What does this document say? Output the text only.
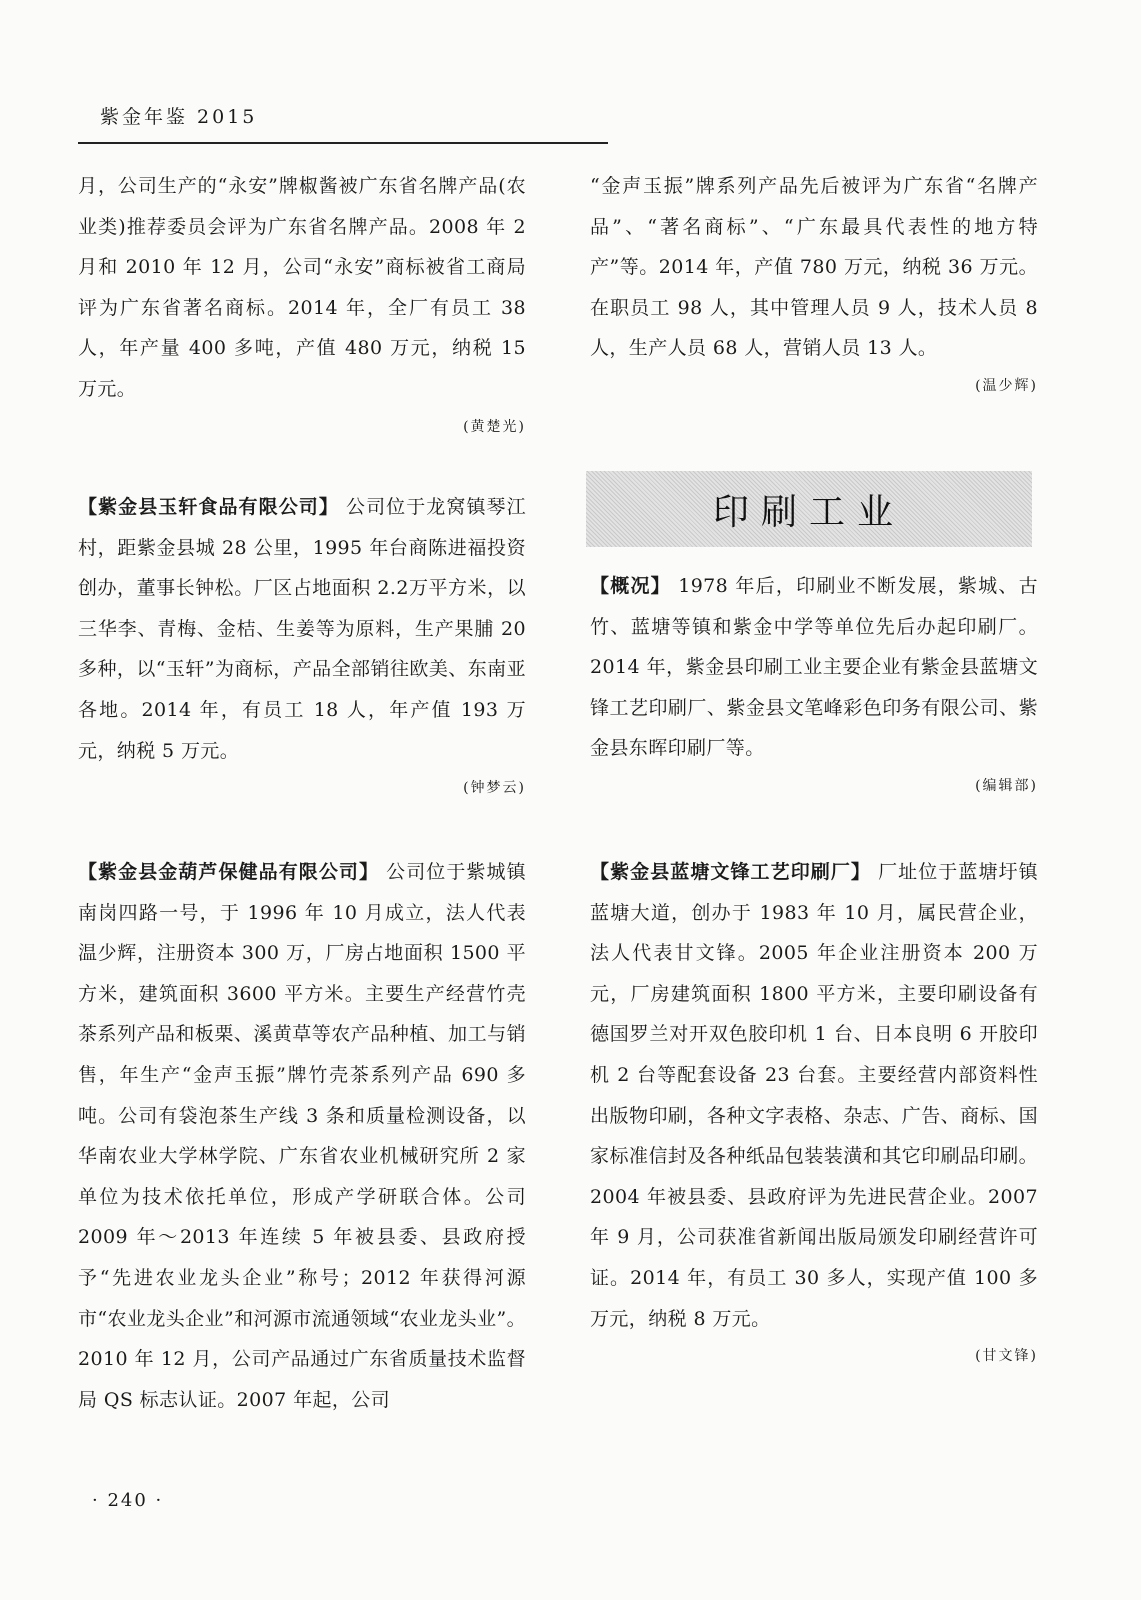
紫金年鉴 2015

月，公司生产的“永安”牌椒酱被广东省名牌产品(农业类)推荐委员会评为广东省名牌产品。2008 年 2 月和 2010 年 12 月，公司“永安”商标被省工商局评为广东省著名商标。2014 年，全厂有员工 38 人，年产量 400 多吨，产值 480 万元，纳税 15 万元。

(黄楚光)

【紫金县玉轩食品有限公司】 公司位于龙窝镇琴江村，距紫金县城 28 公里，1995 年台商陈进福投资创办，董事长钟松。厂区占地面积 2.2万平方米，以三华李、青梅、金桔、生姜等为原料，生产果脯 20 多种，以“玉轩”为商标，产品全部销往欧美、东南亚各地。2014 年，有员工 18 人，年产值 193 万元，纳税 5 万元。

(钟梦云)

【紫金县金葫芦保健品有限公司】 公司位于紫城镇南岗四路一号，于 1996 年 10 月成立，法人代表温少辉，注册资本 300 万，厂房占地面积 1500 平方米，建筑面积 3600 平方米。主要生产经营竹壳茶系列产品和板栗、溪黄草等农产品种植、加工与销售，年生产“金声玉振”牌竹壳茶系列产品 690 多吨。公司有袋泡茶生产线 3 条和质量检测设备，以华南农业大学林学院、广东省农业机械研究所 2 家单位为技术依托单位，形成产学研联合体。公司 2009 年～2013 年连续 5 年被县委、县政府授予“先进农业龙头企业”称号；2012 年获得河源市“农业龙头企业”和河源市流通领域“农业龙头业”。2010 年 12 月，公司产品通过广东省质量技术监督局 QS 标志认证。2007 年起，公司

“金声玉振”牌系列产品先后被评为广东省“名牌产品”、“著名商标”、“广东最具代表性的地方特产”等。2014 年，产值 780 万元，纳税 36 万元。在职员工 98 人，其中管理人员 9 人，技术人员 8 人，生产人员 68 人，营销人员 13 人。

(温少辉)
印刷工业

【概况】 1978 年后，印刷业不断发展，紫城、古竹、蓝塘等镇和紫金中学等单位先后办起印刷厂。2014 年，紫金县印刷工业主要企业有紫金县蓝塘文锋工艺印刷厂、紫金县文笔峰彩色印务有限公司、紫金县东晖印刷厂等。

(编辑部)

【紫金县蓝塘文锋工艺印刷厂】 厂址位于蓝塘圩镇蓝塘大道，创办于 1983 年 10 月，属民营企业，法人代表甘文锋。2005 年企业注册资本 200 万元，厂房建筑面积 1800 平方米，主要印刷设备有德国罗兰对开双色胶印机 1 台、日本良明 6 开胶印机 2 台等配套设备 23 台套。主要经营内部资料性出版物印刷，各种文字表格、杂志、广告、商标、国家标准信封及各种纸品包装装潢和其它印刷品印刷。2004 年被县委、县政府评为先进民营企业。2007 年 9 月，公司获准省新闻出版局颁发印刷经营许可证。2014 年，有员工 30 多人，实现产值 100 多万元，纳税 8 万元。

(甘文锋)
· 240 ·
